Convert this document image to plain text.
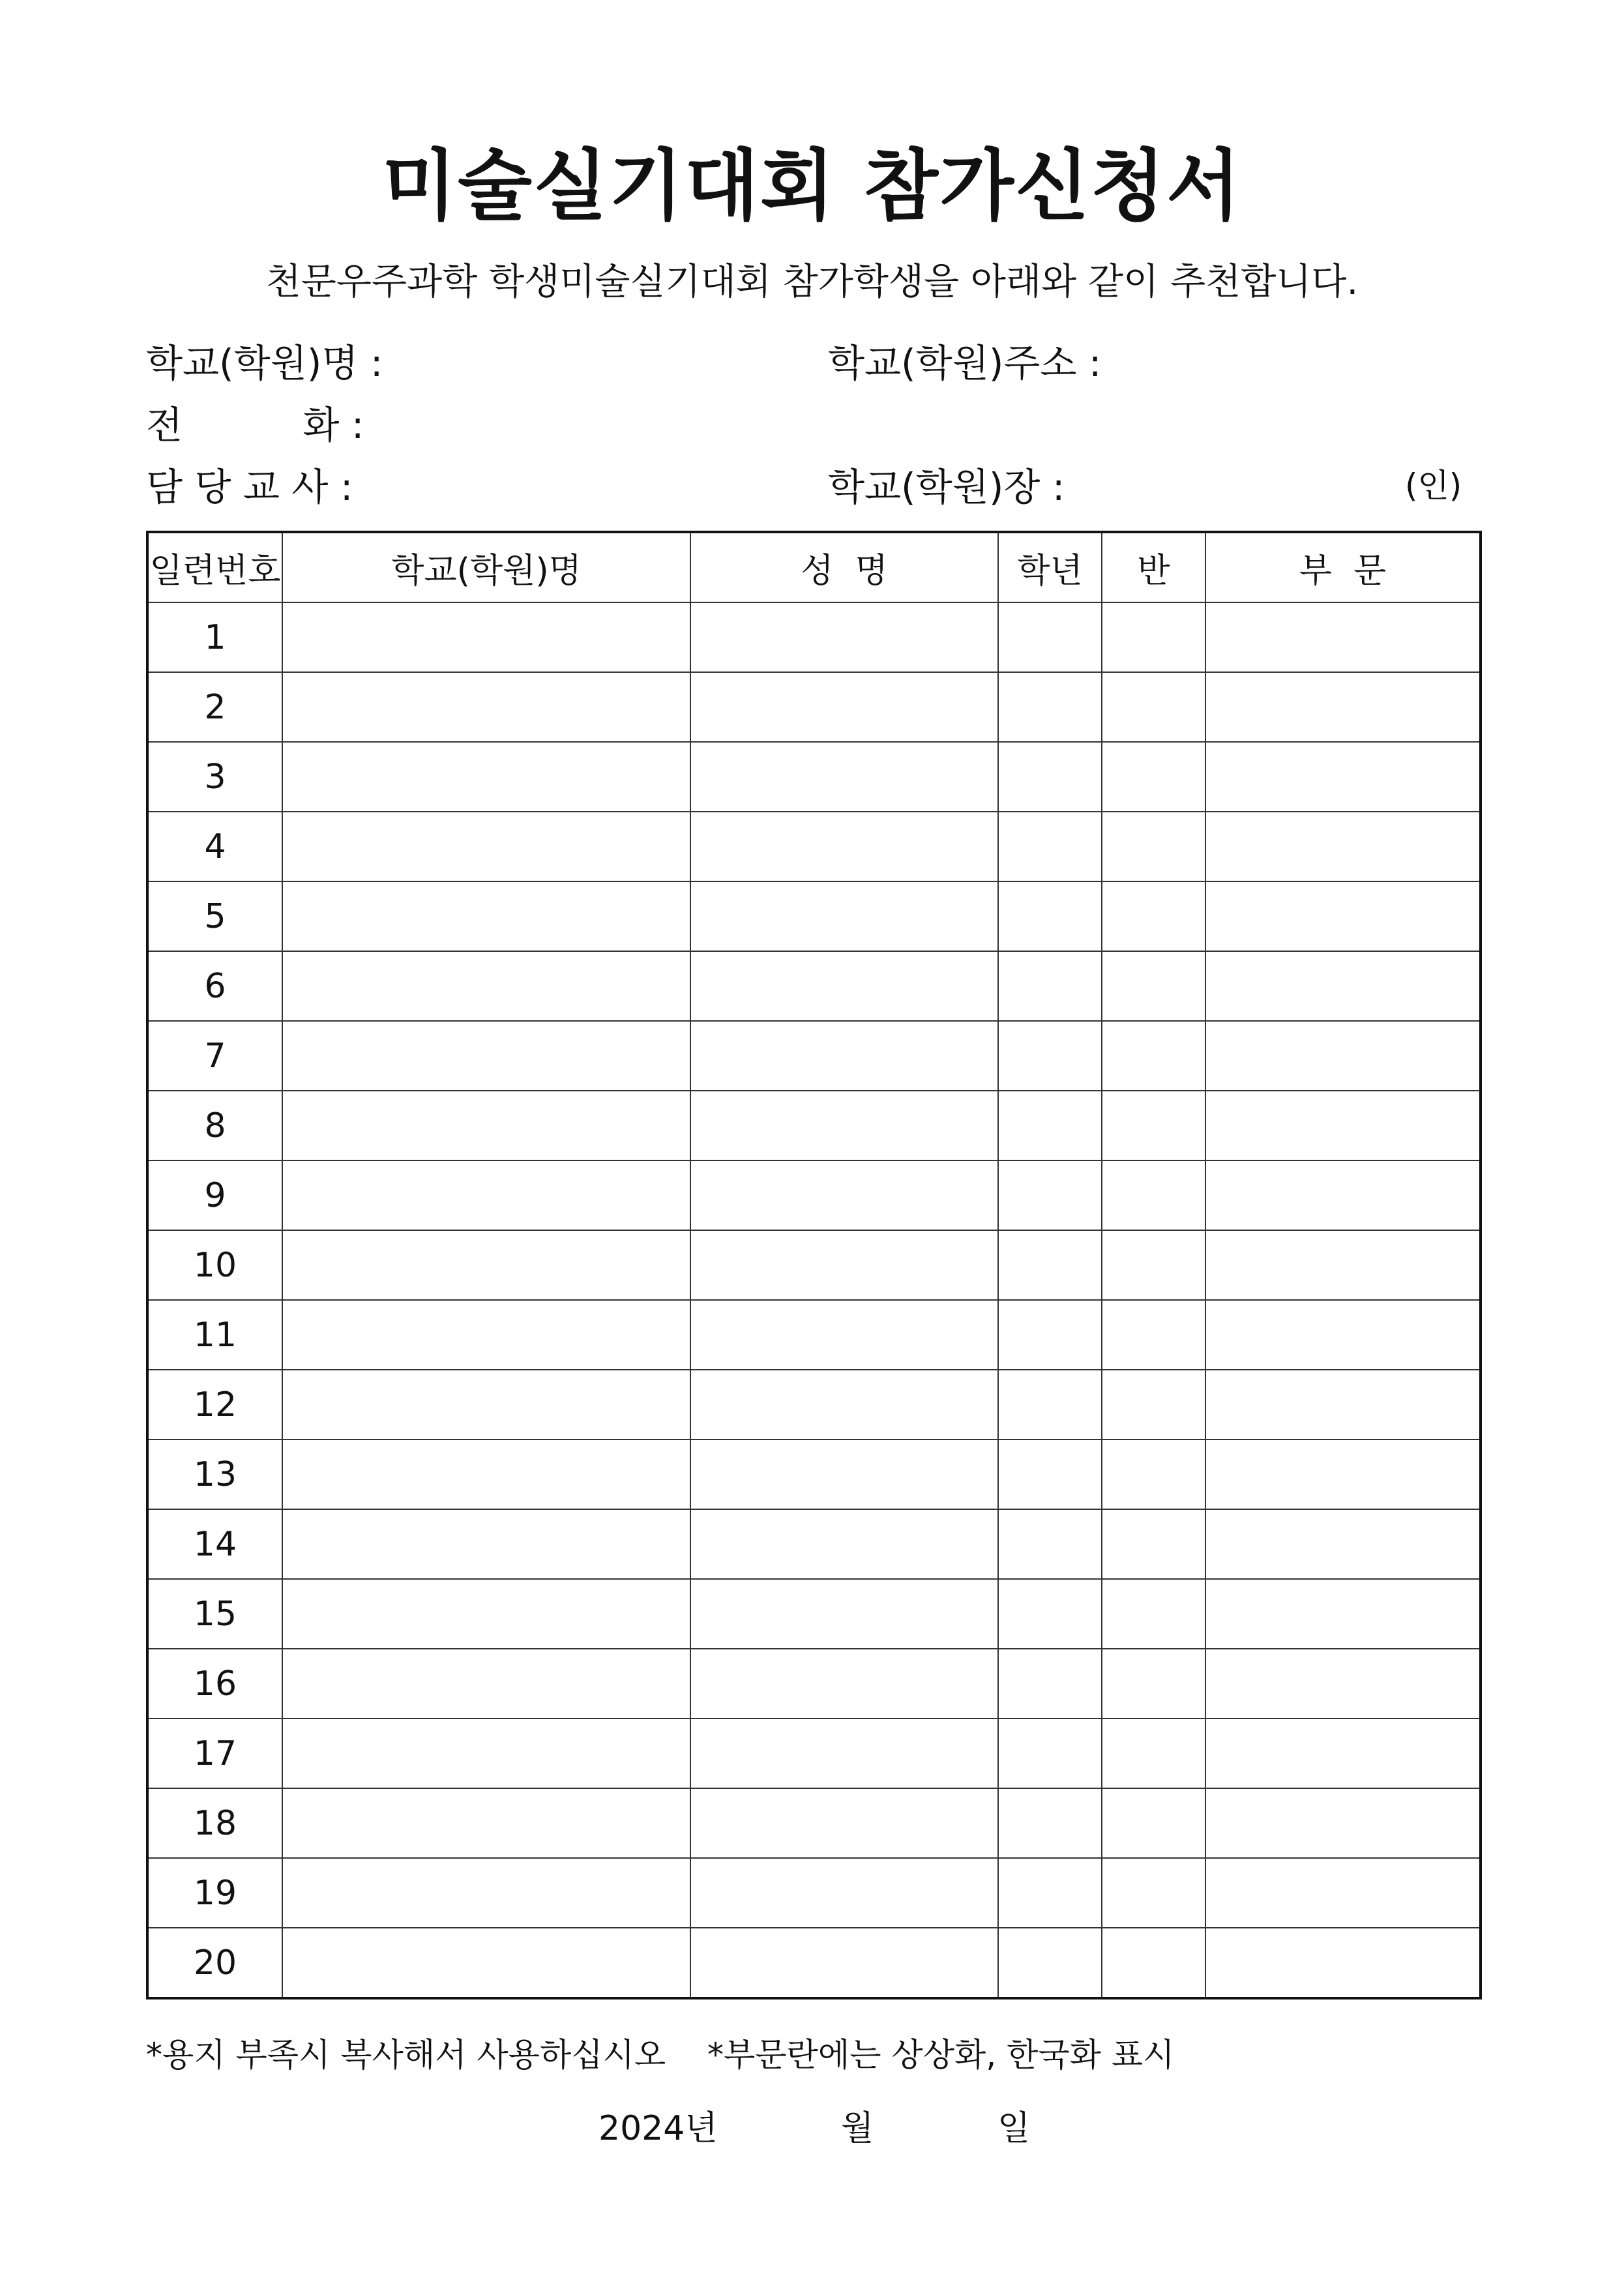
미술실기대회 참가신청서
천문우주과학 학생미술실기대회 참가학생을 아래와 같이 추천합니다.
학교(학원)명 :	학교(학원)주소 :
전          화 :
담 당 교 사 :	학교(학원)장 :	(인)
일련번호	학교(학원)명	성  명	학년	반	부  문
1					
2					
3					
4					
5					
6					
7					
8					
9					
10					
11					
12					
13					
14					
15					
16					
17					
18					
19					
20					
*용지 부족시 복사해서 사용하십시오 *부문란에는 상상화, 한국화 표시
2024년	월	일
